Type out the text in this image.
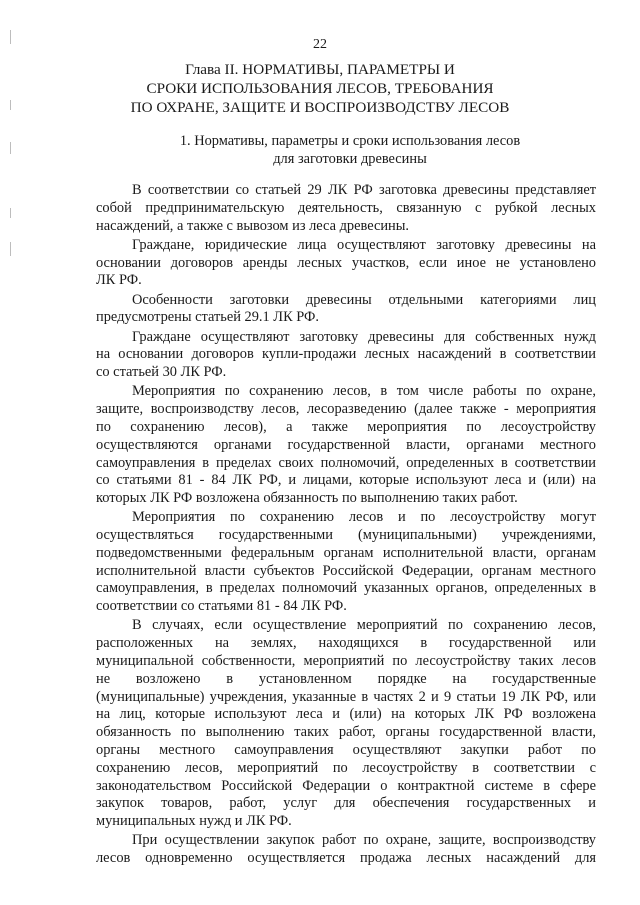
22
Глава II. НОРМАТИВЫ, ПАРАМЕТРЫ И
СРОКИ ИСПОЛЬЗОВАНИЯ ЛЕСОВ, ТРЕБОВАНИЯ
ПО ОХРАНЕ, ЗАЩИТЕ И ВОСПРОИЗВОДСТВУ ЛЕСОВ
1. Нормативы, параметры и сроки использования лесов
для заготовки древесины
В соответствии со статьей 29 ЛК РФ заготовка древесины представляет
собой предпринимательскую деятельность, связанную с рубкой лесных
насаждений, а также с вывозом из леса древесины.
Граждане, юридические лица осуществляют заготовку древесины на
основании договоров аренды лесных участков, если иное не установлено
ЛК РФ.
Особенности заготовки древесины отдельными категориями лиц
предусмотрены статьей 29.1 ЛК РФ.
Граждане осуществляют заготовку древесины для собственных нужд
на основании договоров купли-продажи лесных насаждений в соответствии
со статьей 30 ЛК РФ.
Мероприятия по сохранению лесов, в том числе работы по охране,
защите, воспроизводству лесов, лесоразведению (далее также - мероприятия
по сохранению лесов), а также мероприятия по лесоустройству
осуществляются органами государственной власти, органами местного
самоуправления в пределах своих полномочий, определенных в соответствии
со статьями 81 - 84 ЛК РФ, и лицами, которые используют леса и (или) на
которых ЛК РФ возложена обязанность по выполнению таких работ.
Мероприятия по сохранению лесов и по лесоустройству могут
осуществляться государственными (муниципальными) учреждениями,
подведомственными федеральным органам исполнительной власти, органам
исполнительной власти субъектов Российской Федерации, органам местного
самоуправления, в пределах полномочий указанных органов, определенных в
соответствии со статьями 81 - 84 ЛК РФ.
В случаях, если осуществление мероприятий по сохранению лесов,
расположенных на землях, находящихся в государственной или
муниципальной собственности, мероприятий по лесоустройству таких лесов
не возложено в установленном порядке на государственные
(муниципальные) учреждения, указанные в частях 2 и 9 статьи 19 ЛК РФ, или
на лиц, которые используют леса и (или) на которых ЛК РФ возложена
обязанность по выполнению таких работ, органы государственной власти,
органы местного самоуправления осуществляют закупки работ по
сохранению лесов, мероприятий по лесоустройству в соответствии с
законодательством Российской Федерации о контрактной системе в сфере
закупок товаров, работ, услуг для обеспечения государственных и
муниципальных нужд и ЛК РФ.
При осуществлении закупок работ по охране, защите, воспроизводству
лесов одновременно осуществляется продажа лесных насаждений для
